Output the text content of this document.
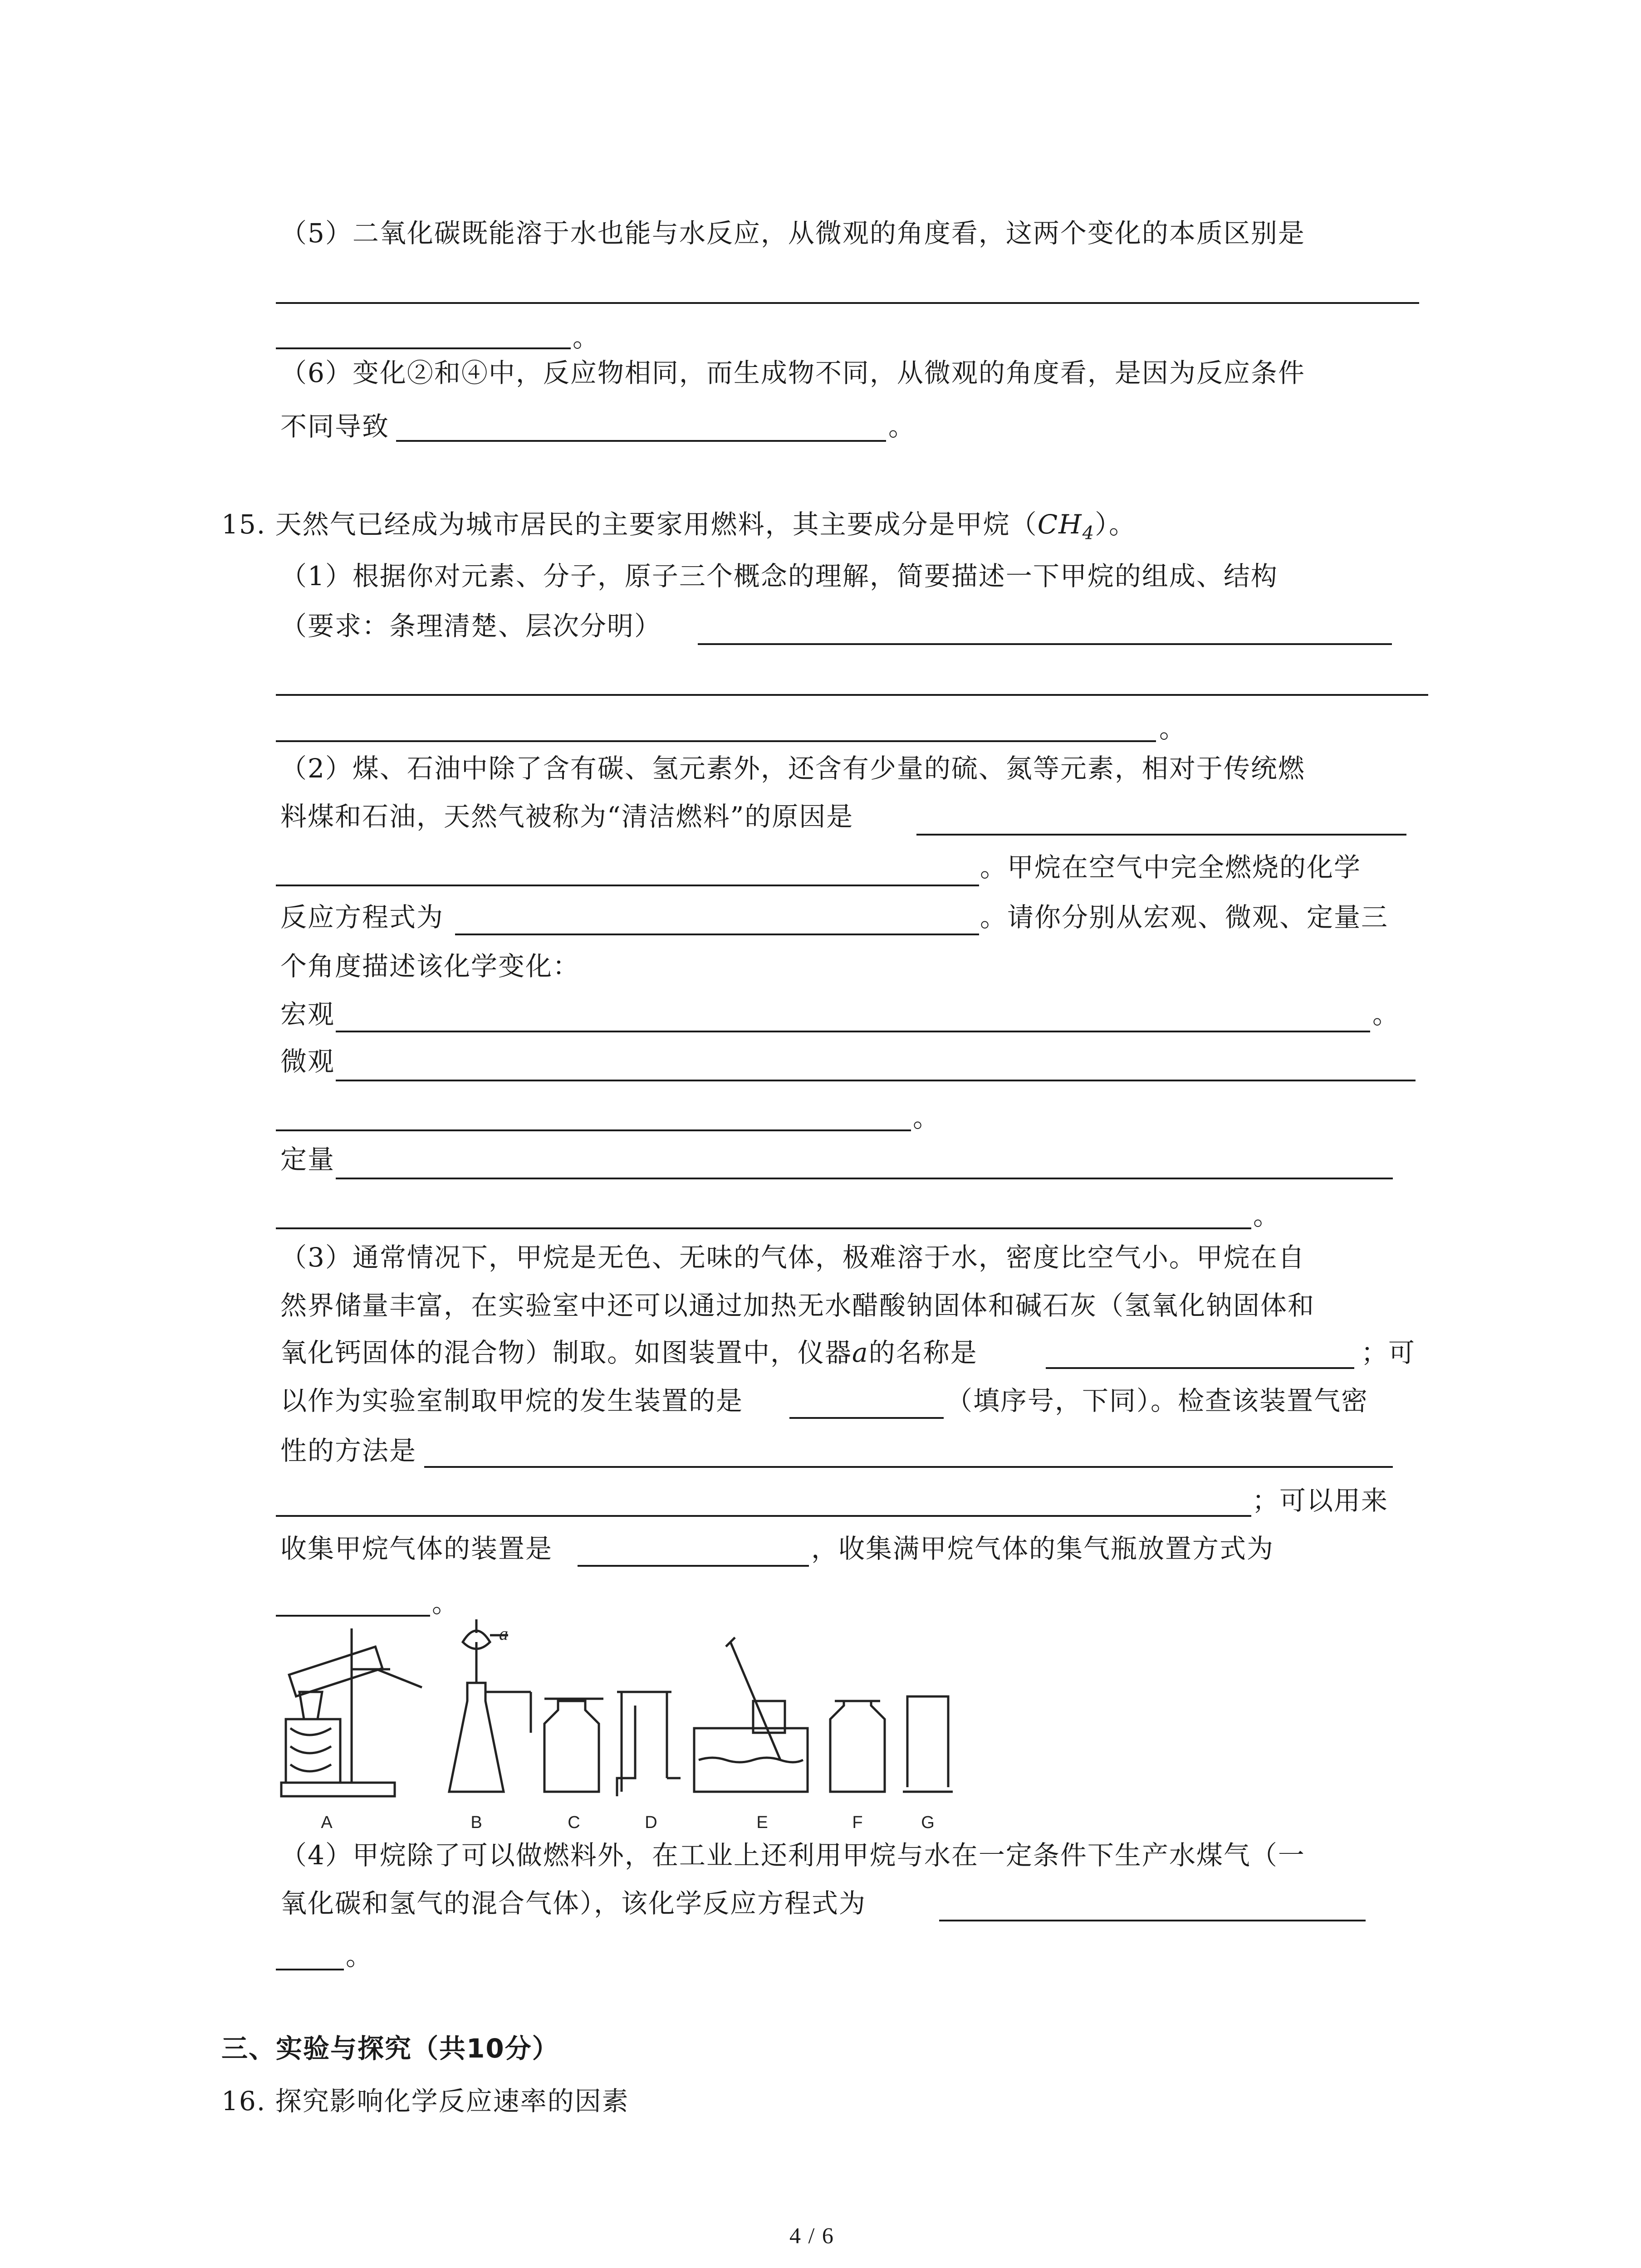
（5）二氧化碳既能溶于水也能与水反应，从微观的角度看，这两个变化的本质区别是
。
（6）变化②和④中，反应物相同，而生成物不同，从微观的角度看，是因为反应条件
不同导致	。
15. 天然气已经成为城市居民的主要家用燃料，其主要成分是甲烷$(CH_4)$。
（1）根据你对元素、分子，原子三个概念的理解，简要描述一下甲烷的组成、结构
（要求：条理清楚、层次分明）
。
（2）煤、石油中除了含有碳、氢元素外，还含有少量的硫、氮等元素，相对于传统燃
料煤和石油，天然气被称为“清洁燃料”的原因是
。甲烷在空气中完全燃烧的化学
反应方程式为	。请你分别从宏观、微观、定量三
个角度描述该化学变化：
宏观	。
微观
。
定量
。
（3）通常情况下，甲烷是无色、无味的气体，极难溶于水，密度比空气小。甲烷在自
然界储量丰富，在实验室中还可以通过加热无水醋酸钠固体和碱石灰（氢氧化钠固体和
氧化钙固体的混合物）制取。如图装置中，仪器a的名称是	；可
以作为实验室制取甲烷的发生装置的是	（填序号，下同）。检查该装置气密
性的方法是
；可以用来
收集甲烷气体的装置是	，收集满甲烷气体的集气瓶放置方式为
。
a
A	B	C	D	E	F	G
（4）甲烷除了可以做燃料外，在工业上还利用甲烷与水在一定条件下生产水煤气（一
氧化碳和氢气的混合气体），该化学反应方程式为
。
三、实验与探究（共10分）
16. 探究影响化学反应速率的因素
4 / 6
